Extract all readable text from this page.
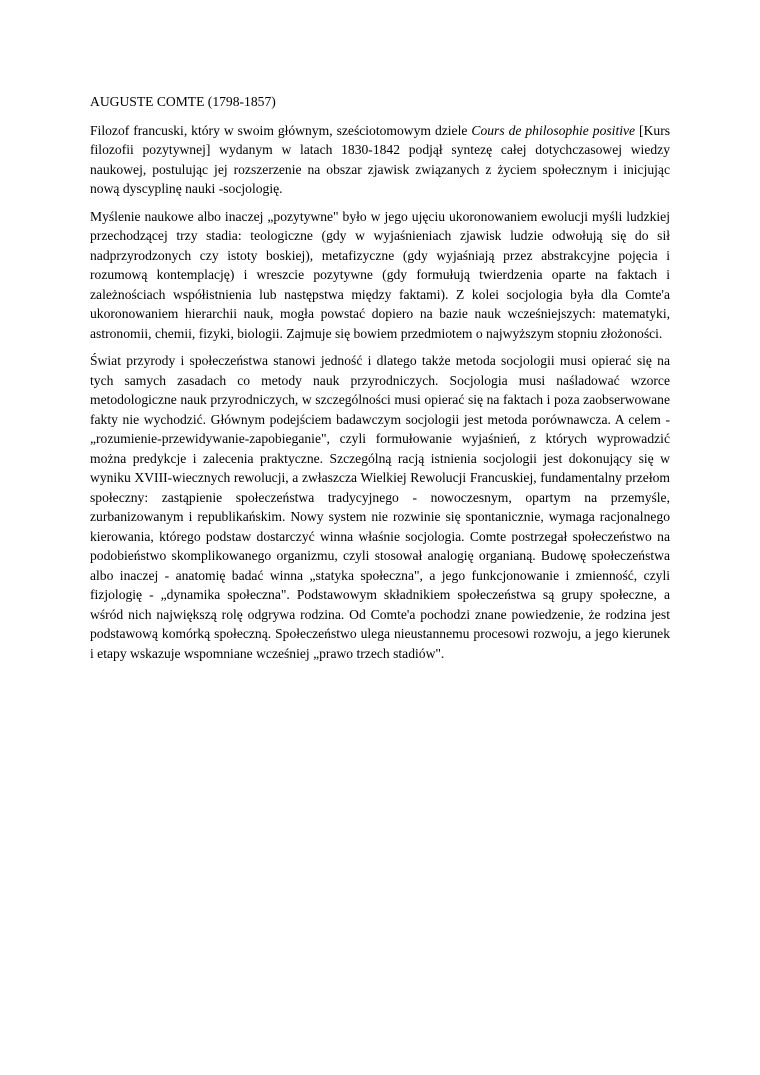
AUGUSTE COMTE (1798-1857)

Filozof francuski, który w swoim głównym, sześciotomowym dziele Cours de philosophie positive [Kurs filozofii pozytywnej] wydanym w latach 1830-1842 podjął syntezę całej dotychczasowej wiedzy naukowej, postulując jej rozszerzenie na obszar zjawisk związanych z życiem społecznym i inicjując nową dyscyplinę nauki -socjologię.

Myślenie naukowe albo inaczej „pozytywne" było w jego ujęciu ukoronowaniem ewolucji myśli ludzkiej przechodzącej trzy stadia: teologiczne (gdy w wyjaśnieniach zjawisk ludzie odwołują się do sił nadprzyrodzonych czy istoty boskiej), metafizyczne (gdy wyjaśniają przez abstrakcyjne pojęcia i rozumową kontemplację) i wreszcie pozytywne (gdy formułują twierdzenia oparte na faktach i zależnościach współistnienia lub następstwa między faktami). Z kolei socjologia była dla Comte'a ukoronowaniem hierarchii nauk, mogła powstać dopiero na bazie nauk wcześniejszych: matematyki, astronomii, chemii, fizyki, biologii. Zajmuje się bowiem przedmiotem o najwyższym stopniu złożoności.

Świat przyrody i społeczeństwa stanowi jedność i dlatego także metoda socjologii musi opierać się na tych samych zasadach co metody nauk przyrodniczych. Socjologia musi naśladować wzorce metodologiczne nauk przyrodniczych, w szczególności musi opierać się na faktach i poza zaobserwowane fakty nie wychodzić. Głównym podejściem badawczym socjologii jest metoda porównawcza. A celem - „rozumienie-przewidywanie-zapobieganie", czyli formułowanie wyjaśnień, z których wyprowadzić można predykcje i zalecenia praktyczne. Szczególną racją istnienia socjologii jest dokonujący się w wyniku XVIII-wiecznych rewolucji, a zwłaszcza Wielkiej Rewolucji Francuskiej, fundamentalny przełom społeczny: zastąpienie społeczeństwa tradycyjnego - nowoczesnym, opartym na przemyśle, zurbanizowanym i republikańskim. Nowy system nie rozwinie się spontanicznie, wymaga racjonalnego kierowania, którego podstaw dostarczyć winna właśnie socjologia. Comte postrzegał społeczeństwo na podobieństwo skomplikowanego organizmu, czyli stosował analogię organianą. Budowę społeczeństwa albo inaczej - anatomię badać winna „statyka społeczna", a jego funkcjonowanie i zmienność, czyli fizjologię - „dynamika społeczna". Podstawowym składnikiem społeczeństwa są grupy społeczne, a wśród nich największą rolę odgrywa rodzina. Od Comte'a pochodzi znane powiedzenie, że rodzina jest podstawową komórką społeczną. Społeczeństwo ulega nieustannemu procesowi rozwoju, a jego kierunek i etapy wskazuje wspomniane wcześniej „prawo trzech stadiów".
